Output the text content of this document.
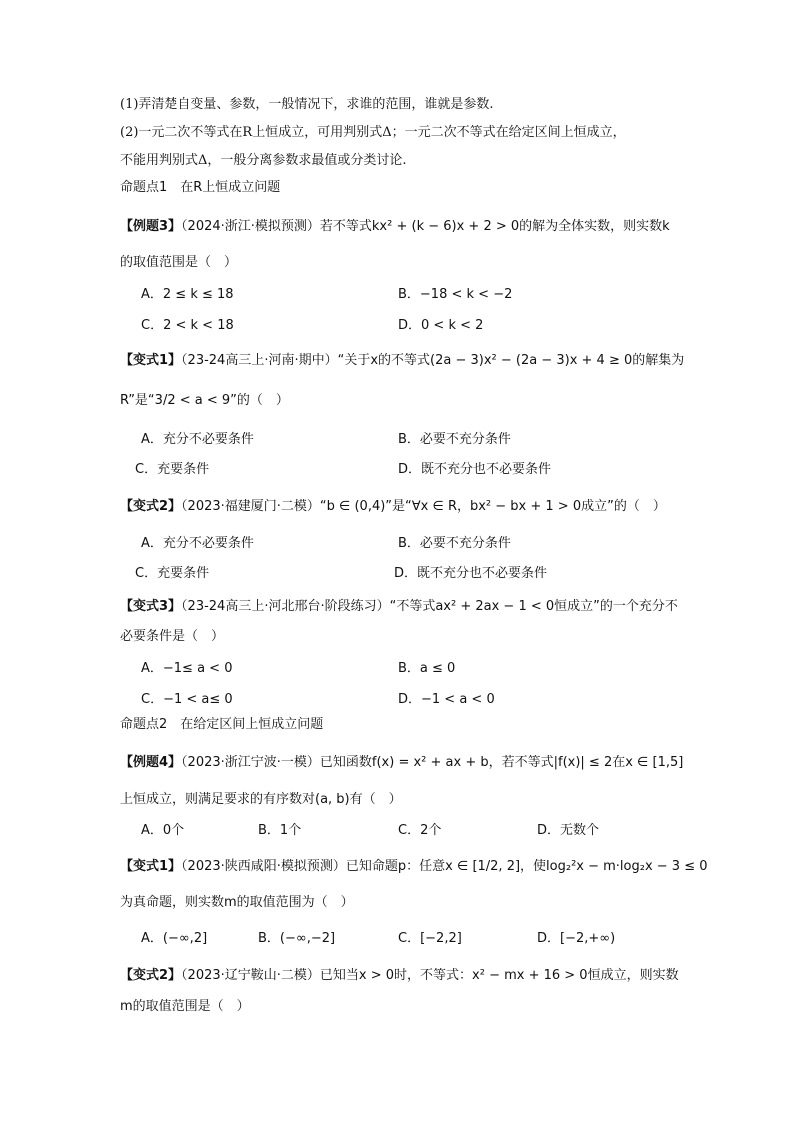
(1)弄清楚自变量、参数，一般情况下，求谁的范围，谁就是参数.
(2)一元二次不等式在R上恒成立，可用判别式Δ；一元二次不等式在给定区间上恒成立，
不能用判别式Δ，一般分离参数求最值或分类讨论.
命题点1　在R上恒成立问题
【例题3】（2024·浙江·模拟预测）若不等式kx² + (k − 6)x + 2 > 0的解为全体实数，则实数k
的取值范围是（　）
A．2 ≤ k ≤ 18	B．−18 < k < −2
C．2 < k < 18	D．0 < k < 2
【变式1】（23-24高三上·河南·期中）“关于x的不等式(2a − 3)x² − (2a − 3)x + 4 ≥ 0的解集为
R”是“3/2 < a < 9”的（　）
A．充分不必要条件	B．必要不充分条件
C．充要条件	D．既不充分也不必要条件
【变式2】（2023·福建厦门·二模）“b ∈ (0,4)”是“∀x ∈ R，bx² − bx + 1 > 0成立”的（　）
A．充分不必要条件	B．必要不充分条件
C．充要条件	D．既不充分也不必要条件
【变式3】（23-24高三上·河北邢台·阶段练习）“不等式ax² + 2ax − 1 < 0恒成立”的一个充分不
必要条件是（　）
A．−1≤ a < 0	B．a ≤ 0
C．−1 < a≤ 0	D．−1 < a < 0
命题点2　在给定区间上恒成立问题
【例题4】（2023·浙江宁波·一模）已知函数f(x) = x² + ax + b，若不等式|f(x)| ≤ 2在x ∈ [1,5]
上恒成立，则满足要求的有序数对(a, b)有（　）
A．0个	B．1个	C．2个	D．无数个
【变式1】（2023·陕西咸阳·模拟预测）已知命题p：任意x ∈ [1/2, 2]，使log₂²x − m·log₂x − 3 ≤ 0
为真命题，则实数m的取值范围为（　）
A．(−∞,2]	B．(−∞,−2]	C．[−2,2]	D．[−2,+∞)
【变式2】（2023·辽宁鞍山·二模）已知当x > 0时，不等式：x² − mx + 16 > 0恒成立，则实数
m的取值范围是（　）
